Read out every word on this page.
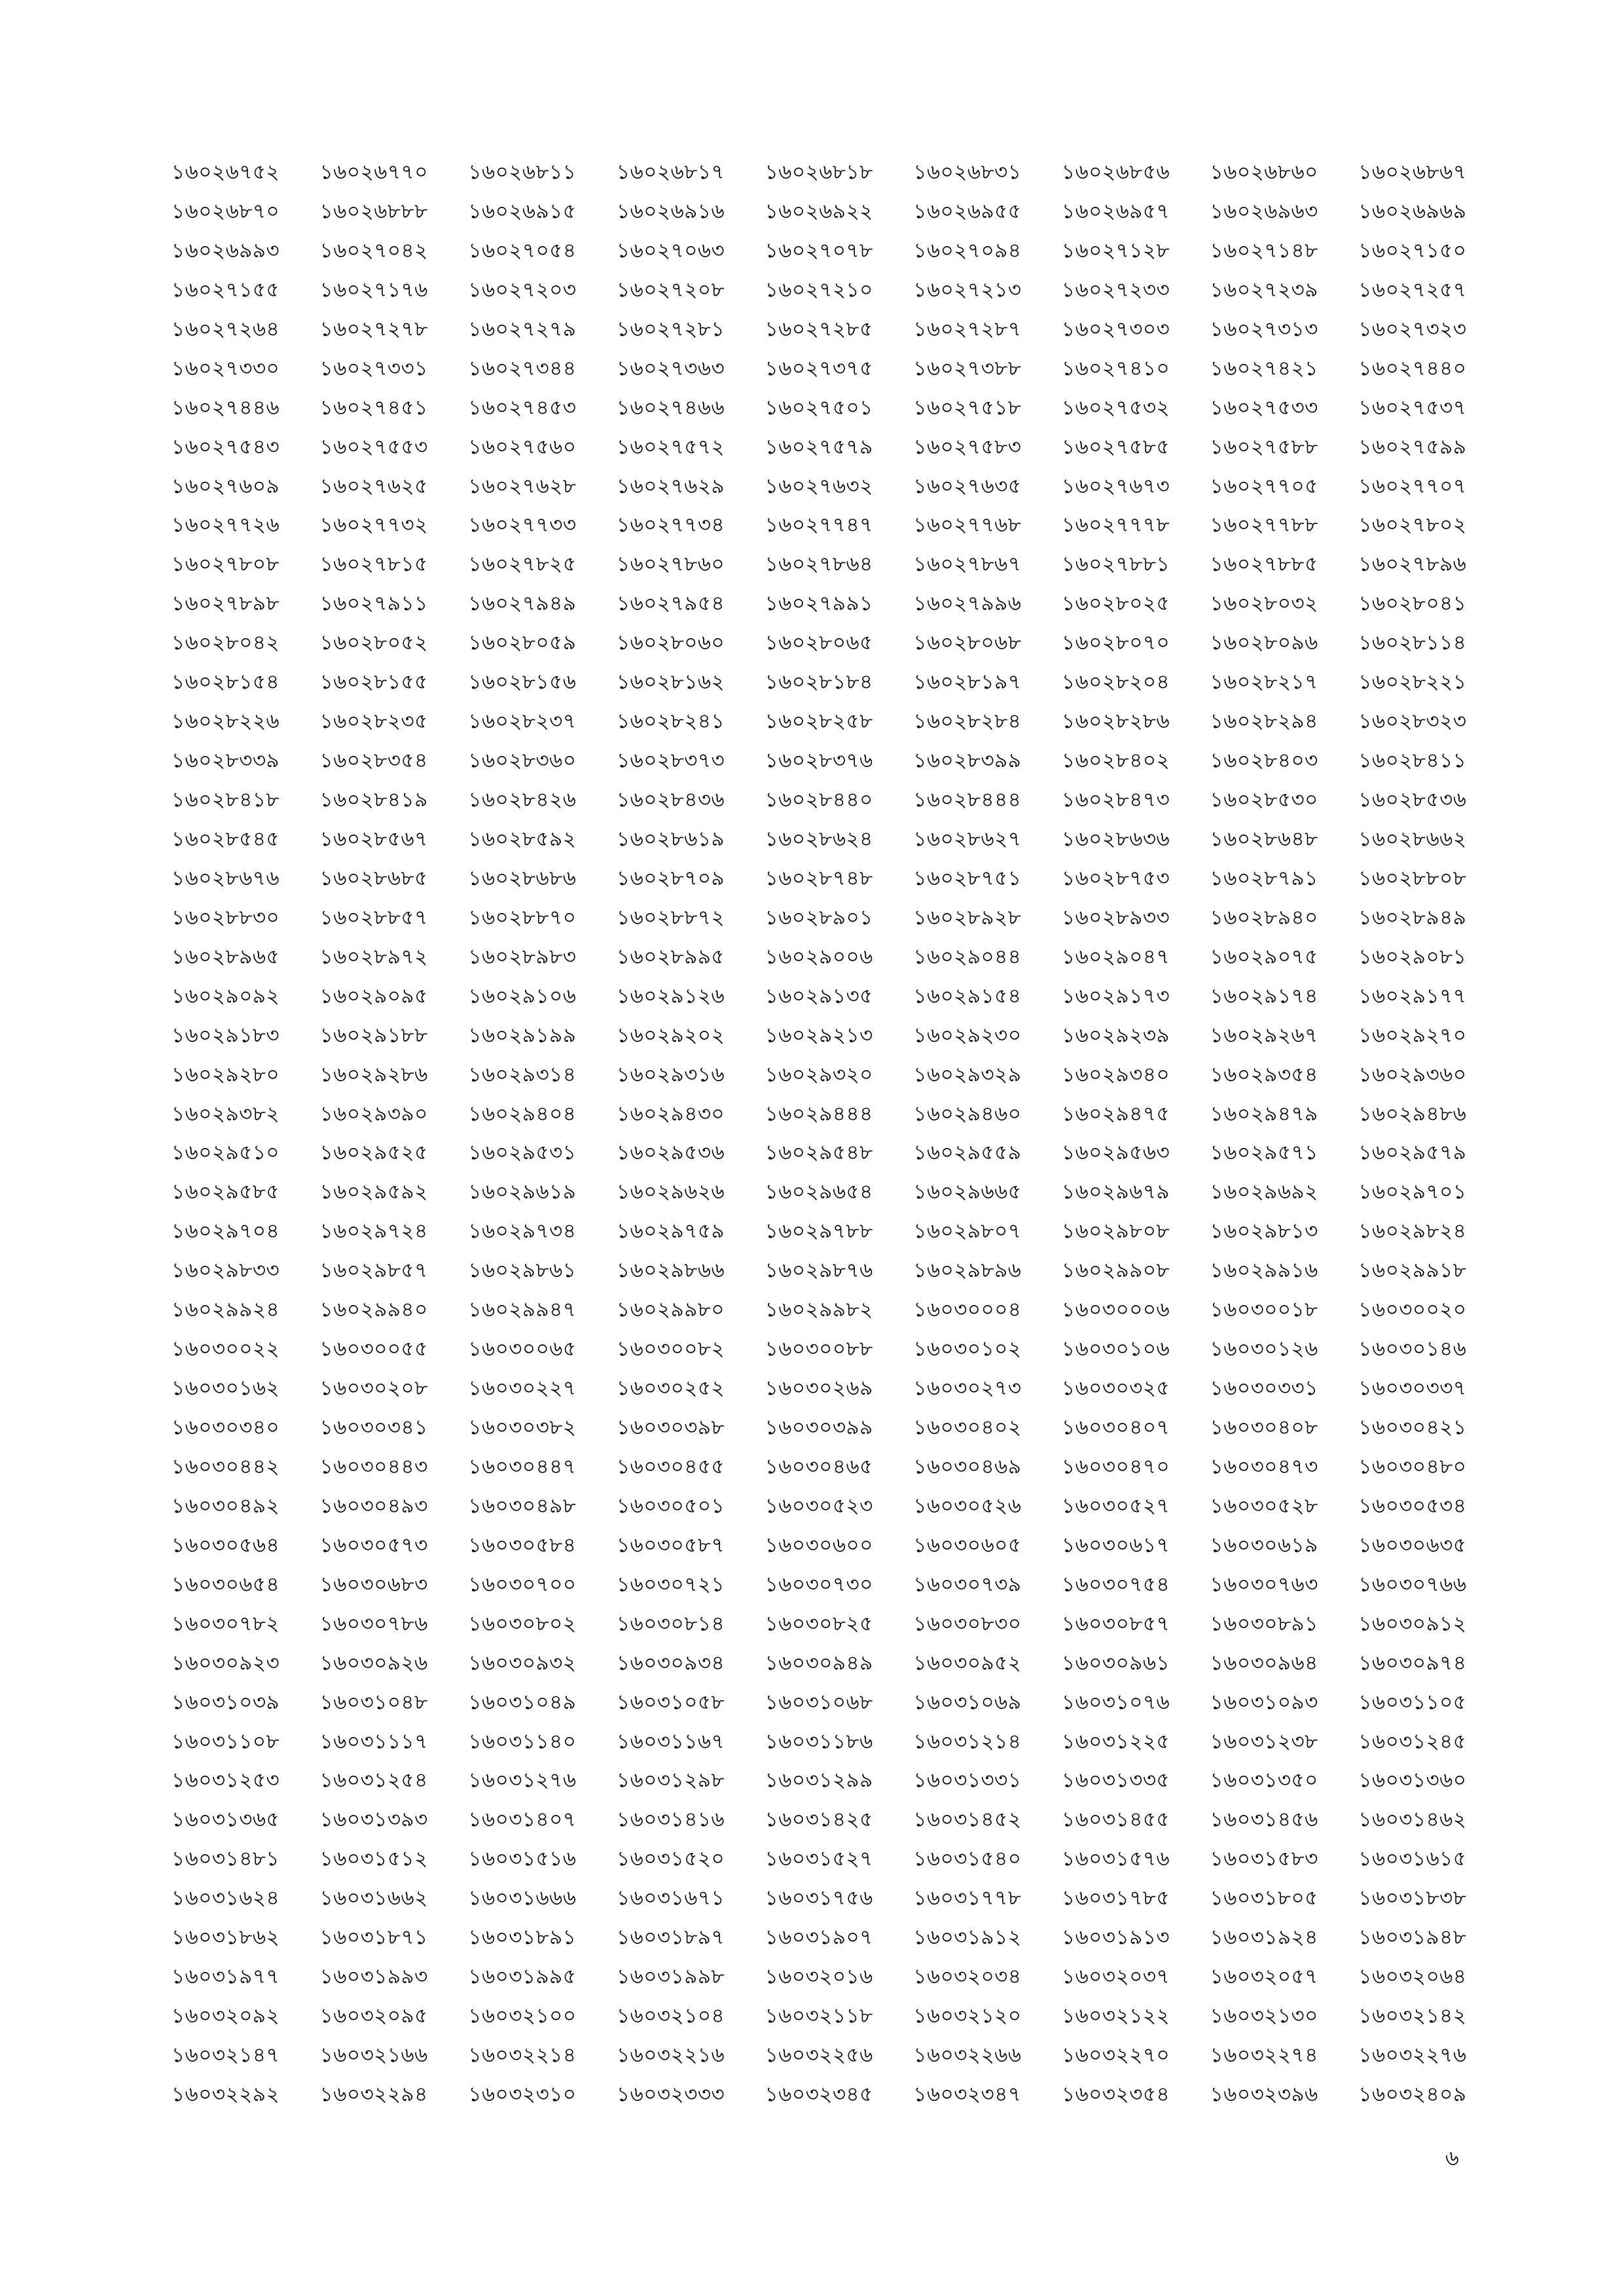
১৬০২৬৭৫২	১৬০২৬৭৭০	১৬০২৬৮১১	১৬০২৬৮১৭	১৬০২৬৮১৮	১৬০২৬৮৩১	১৬০২৬৮৫৬	১৬০২৬৮৬০	১৬০২৬৮৬৭
১৬০২৬৮৭০	১৬০২৬৮৮৮	১৬০২৬৯১৫	১৬০২৬৯১৬	১৬০২৬৯২২	১৬০২৬৯৫৫	১৬০২৬৯৫৭	১৬০২৬৯৬৩	১৬০২৬৯৬৯
১৬০২৬৯৯৩	১৬০২৭০৪২	১৬০২৭০৫৪	১৬০২৭০৬৩	১৬০২৭০৭৮	১৬০২৭০৯৪	১৬০২৭১২৮	১৬০২৭১৪৮	১৬০২৭১৫০
১৬০২৭১৫৫	১৬০২৭১৭৬	১৬০২৭২০৩	১৬০২৭২০৮	১৬০২৭২১০	১৬০২৭২১৩	১৬০২৭২৩৩	১৬০২৭২৩৯	১৬০২৭২৫৭
১৬০২৭২৬৪	১৬০২৭২৭৮	১৬০২৭২৭৯	১৬০২৭২৮১	১৬০২৭২৮৫	১৬০২৭২৮৭	১৬০২৭৩০৩	১৬০২৭৩১৩	১৬০২৭৩২৩
১৬০২৭৩৩০	১৬০২৭৩৩১	১৬০২৭৩৪৪	১৬০২৭৩৬৩	১৬০২৭৩৭৫	১৬০২৭৩৮৮	১৬০২৭৪১০	১৬০২৭৪২১	১৬০২৭৪৪০
১৬০২৭৪৪৬	১৬০২৭৪৫১	১৬০২৭৪৫৩	১৬০২৭৪৬৬	১৬০২৭৫০১	১৬০২৭৫১৮	১৬০২৭৫৩২	১৬০২৭৫৩৩	১৬০২৭৫৩৭
১৬০২৭৫৪৩	১৬০২৭৫৫৩	১৬০২৭৫৬০	১৬০২৭৫৭২	১৬০২৭৫৭৯	১৬০২৭৫৮৩	১৬০২৭৫৮৫	১৬০২৭৫৮৮	১৬০২৭৫৯৯
১৬০২৭৬০৯	১৬০২৭৬২৫	১৬০২৭৬২৮	১৬০২৭৬২৯	১৬০২৭৬৩২	১৬০২৭৬৩৫	১৬০২৭৬৭৩	১৬০২৭৭০৫	১৬০২৭৭০৭
১৬০২৭৭২৬	১৬০২৭৭৩২	১৬০২৭৭৩৩	১৬০২৭৭৩৪	১৬০২৭৭৪৭	১৬০২৭৭৬৮	১৬০২৭৭৭৮	১৬০২৭৭৮৮	১৬০২৭৮০২
১৬০২৭৮০৮	১৬০২৭৮১৫	১৬০২৭৮২৫	১৬০২৭৮৬০	১৬০২৭৮৬৪	১৬০২৭৮৬৭	১৬০২৭৮৮১	১৬০২৭৮৮৫	১৬০২৭৮৯৬
১৬০২৭৮৯৮	১৬০২৭৯১১	১৬০২৭৯৪৯	১৬০২৭৯৫৪	১৬০২৭৯৯১	১৬০২৭৯৯৬	১৬০২৮০২৫	১৬০২৮০৩২	১৬০২৮০৪১
১৬০২৮০৪২	১৬০২৮০৫২	১৬০২৮০৫৯	১৬০২৮০৬০	১৬০২৮০৬৫	১৬০২৮০৬৮	১৬০২৮০৭০	১৬০২৮০৯৬	১৬০২৮১১৪
১৬০২৮১৫৪	১৬০২৮১৫৫	১৬০২৮১৫৬	১৬০২৮১৬২	১৬০২৮১৮৪	১৬০২৮১৯৭	১৬০২৮২০৪	১৬০২৮২১৭	১৬০২৮২২১
১৬০২৮২২৬	১৬০২৮২৩৫	১৬০২৮২৩৭	১৬০২৮২৪১	১৬০২৮২৫৮	১৬০২৮২৮৪	১৬০২৮২৮৬	১৬০২৮২৯৪	১৬০২৮৩২৩
১৬০২৮৩৩৯	১৬০২৮৩৫৪	১৬০২৮৩৬০	১৬০২৮৩৭৩	১৬০২৮৩৭৬	১৬০২৮৩৯৯	১৬০২৮৪০২	১৬০২৮৪০৩	১৬০২৮৪১১
১৬০২৮৪১৮	১৬০২৮৪১৯	১৬০২৮৪২৬	১৬০২৮৪৩৬	১৬০২৮৪৪০	১৬০২৮৪৪৪	১৬০২৮৪৭৩	১৬০২৮৫৩০	১৬০২৮৫৩৬
১৬০২৮৫৪৫	১৬০২৮৫৬৭	১৬০২৮৫৯২	১৬০২৮৬১৯	১৬০২৮৬২৪	১৬০২৮৬২৭	১৬০২৮৬৩৬	১৬০২৮৬৪৮	১৬০২৮৬৬২
১৬০২৮৬৭৬	১৬০২৮৬৮৫	১৬০২৮৬৮৬	১৬০২৮৭০৯	১৬০২৮৭৪৮	১৬০২৮৭৫১	১৬০২৮৭৫৩	১৬০২৮৭৯১	১৬০২৮৮০৮
১৬০২৮৮৩০	১৬০২৮৮৫৭	১৬০২৮৮৭০	১৬০২৮৮৭২	১৬০২৮৯০১	১৬০২৮৯২৮	১৬০২৮৯৩৩	১৬০২৮৯৪০	১৬০২৮৯৪৯
১৬০২৮৯৬৫	১৬০২৮৯৭২	১৬০২৮৯৮৩	১৬০২৮৯৯৫	১৬০২৯০০৬	১৬০২৯০৪৪	১৬০২৯০৪৭	১৬০২৯০৭৫	১৬০২৯০৮১
১৬০২৯০৯২	১৬০২৯০৯৫	১৬০২৯১০৬	১৬০২৯১২৬	১৬০২৯১৩৫	১৬০২৯১৫৪	১৬০২৯১৭৩	১৬০২৯১৭৪	১৬০২৯১৭৭
১৬০২৯১৮৩	১৬০২৯১৮৮	১৬০২৯১৯৯	১৬০২৯২০২	১৬০২৯২১৩	১৬০২৯২৩০	১৬০২৯২৩৯	১৬০২৯২৬৭	১৬০২৯২৭০
১৬০২৯২৮০	১৬০২৯২৮৬	১৬০২৯৩১৪	১৬০২৯৩১৬	১৬০২৯৩২০	১৬০২৯৩২৯	১৬০২৯৩৪০	১৬০২৯৩৫৪	১৬০২৯৩৬০
১৬০২৯৩৮২	১৬০২৯৩৯০	১৬০২৯৪০৪	১৬০২৯৪৩০	১৬০২৯৪৪৪	১৬০২৯৪৬০	১৬০২৯৪৭৫	১৬০২৯৪৭৯	১৬০২৯৪৮৬
১৬০২৯৫১০	১৬০২৯৫২৫	১৬০২৯৫৩১	১৬০২৯৫৩৬	১৬০২৯৫৪৮	১৬০২৯৫৫৯	১৬০২৯৫৬৩	১৬০২৯৫৭১	১৬০২৯৫৭৯
১৬০২৯৫৮৫	১৬০২৯৫৯২	১৬০২৯৬১৯	১৬০২৯৬২৬	১৬০২৯৬৫৪	১৬০২৯৬৬৫	১৬০২৯৬৭৯	১৬০২৯৬৯২	১৬০২৯৭০১
১৬০২৯৭০৪	১৬০২৯৭২৪	১৬০২৯৭৩৪	১৬০২৯৭৫৯	১৬০২৯৭৮৮	১৬০২৯৮০৭	১৬০২৯৮০৮	১৬০২৯৮১৩	১৬০২৯৮২৪
১৬০২৯৮৩৩	১৬০২৯৮৫৭	১৬০২৯৮৬১	১৬০২৯৮৬৬	১৬০২৯৮৭৬	১৬০২৯৮৯৬	১৬০২৯৯০৮	১৬০২৯৯১৬	১৬০২৯৯১৮
১৬০২৯৯২৪	১৬০২৯৯৪০	১৬০২৯৯৪৭	১৬০২৯৯৮০	১৬০২৯৯৮২	১৬০৩০০০৪	১৬০৩০০০৬	১৬০৩০০১৮	১৬০৩০০২০
১৬০৩০০২২	১৬০৩০০৫৫	১৬০৩০০৬৫	১৬০৩০০৮২	১৬০৩০০৮৮	১৬০৩০১০২	১৬০৩০১০৬	১৬০৩০১২৬	১৬০৩০১৪৬
১৬০৩০১৬২	১৬০৩০২০৮	১৬০৩০২২৭	১৬০৩০২৫২	১৬০৩০২৬৯	১৬০৩০২৭৩	১৬০৩০৩২৫	১৬০৩০৩৩১	১৬০৩০৩৩৭
১৬০৩০৩৪০	১৬০৩০৩৪১	১৬০৩০৩৮২	১৬০৩০৩৯৮	১৬০৩০৩৯৯	১৬০৩০৪০২	১৬০৩০৪০৭	১৬০৩০৪০৮	১৬০৩০৪২১
১৬০৩০৪৪২	১৬০৩০৪৪৩	১৬০৩০৪৪৭	১৬০৩০৪৫৫	১৬০৩০৪৬৫	১৬০৩০৪৬৯	১৬০৩০৪৭০	১৬০৩০৪৭৩	১৬০৩০৪৮০
১৬০৩০৪৯২	১৬০৩০৪৯৩	১৬০৩০৪৯৮	১৬০৩০৫০১	১৬০৩০৫২৩	১৬০৩০৫২৬	১৬০৩০৫২৭	১৬০৩০৫২৮	১৬০৩০৫৩৪
১৬০৩০৫৬৪	১৬০৩০৫৭৩	১৬০৩০৫৮৪	১৬০৩০৫৮৭	১৬০৩০৬০০	১৬০৩০৬০৫	১৬০৩০৬১৭	১৬০৩০৬১৯	১৬০৩০৬৩৫
১৬০৩০৬৫৪	১৬০৩০৬৮৩	১৬০৩০৭০০	১৬০৩০৭২১	১৬০৩০৭৩০	১৬০৩০৭৩৯	১৬০৩০৭৫৪	১৬০৩০৭৬৩	১৬০৩০৭৬৬
১৬০৩০৭৮২	১৬০৩০৭৮৬	১৬০৩০৮০২	১৬০৩০৮১৪	১৬০৩০৮২৫	১৬০৩০৮৩০	১৬০৩০৮৫৭	১৬০৩০৮৯১	১৬০৩০৯১২
১৬০৩০৯২৩	১৬০৩০৯২৬	১৬০৩০৯৩২	১৬০৩০৯৩৪	১৬০৩০৯৪৯	১৬০৩০৯৫২	১৬০৩০৯৬১	১৬০৩০৯৬৪	১৬০৩০৯৭৪
১৬০৩১০৩৯	১৬০৩১০৪৮	১৬০৩১০৪৯	১৬০৩১০৫৮	১৬০৩১০৬৮	১৬০৩১০৬৯	১৬০৩১০৭৬	১৬০৩১০৯৩	১৬০৩১১০৫
১৬০৩১১০৮	১৬০৩১১১৭	১৬০৩১১৪০	১৬০৩১১৬৭	১৬০৩১১৮৬	১৬০৩১২১৪	১৬০৩১২২৫	১৬০৩১২৩৮	১৬০৩১২৪৫
১৬০৩১২৫৩	১৬০৩১২৫৪	১৬০৩১২৭৬	১৬০৩১২৯৮	১৬০৩১২৯৯	১৬০৩১৩৩১	১৬০৩১৩৩৫	১৬০৩১৩৫০	১৬০৩১৩৬০
১৬০৩১৩৬৫	১৬০৩১৩৯৩	১৬০৩১৪০৭	১৬০৩১৪১৬	১৬০৩১৪২৫	১৬০৩১৪৫২	১৬০৩১৪৫৫	১৬০৩১৪৫৬	১৬০৩১৪৬২
১৬০৩১৪৮১	১৬০৩১৫১২	১৬০৩১৫১৬	১৬০৩১৫২০	১৬০৩১৫২৭	১৬০৩১৫৪০	১৬০৩১৫৭৬	১৬০৩১৫৮৩	১৬০৩১৬১৫
১৬০৩১৬২৪	১৬০৩১৬৬২	১৬০৩১৬৬৬	১৬০৩১৬৭১	১৬০৩১৭৫৬	১৬০৩১৭৭৮	১৬০৩১৭৮৫	১৬০৩১৮০৫	১৬০৩১৮৩৮
১৬০৩১৮৬২	১৬০৩১৮৭১	১৬০৩১৮৯১	১৬০৩১৮৯৭	১৬০৩১৯০৭	১৬০৩১৯১২	১৬০৩১৯১৩	১৬০৩১৯২৪	১৬০৩১৯৪৮
১৬০৩১৯৭৭	১৬০৩১৯৯৩	১৬০৩১৯৯৫	১৬০৩১৯৯৮	১৬০৩২০১৬	১৬০৩২০৩৪	১৬০৩২০৩৭	১৬০৩২০৫৭	১৬০৩২০৬৪
১৬০৩২০৯২	১৬০৩২০৯৫	১৬০৩২১০০	১৬০৩২১০৪	১৬০৩২১১৮	১৬০৩২১২০	১৬০৩২১২২	১৬০৩২১৩০	১৬০৩২১৪২
১৬০৩২১৪৭	১৬০৩২১৬৬	১৬০৩২২১৪	১৬০৩২২১৬	১৬০৩২২৫৬	১৬০৩২২৬৬	১৬০৩২২৭০	১৬০৩২২৭৪	১৬০৩২২৭৬
১৬০৩২২৯২	১৬০৩২২৯৪	১৬০৩২৩১০	১৬০৩২৩৩৩	১৬০৩২৩৪৫	১৬০৩২৩৪৭	১৬০৩২৩৫৪	১৬০৩২৩৯৬	১৬০৩২৪০৯
৬
